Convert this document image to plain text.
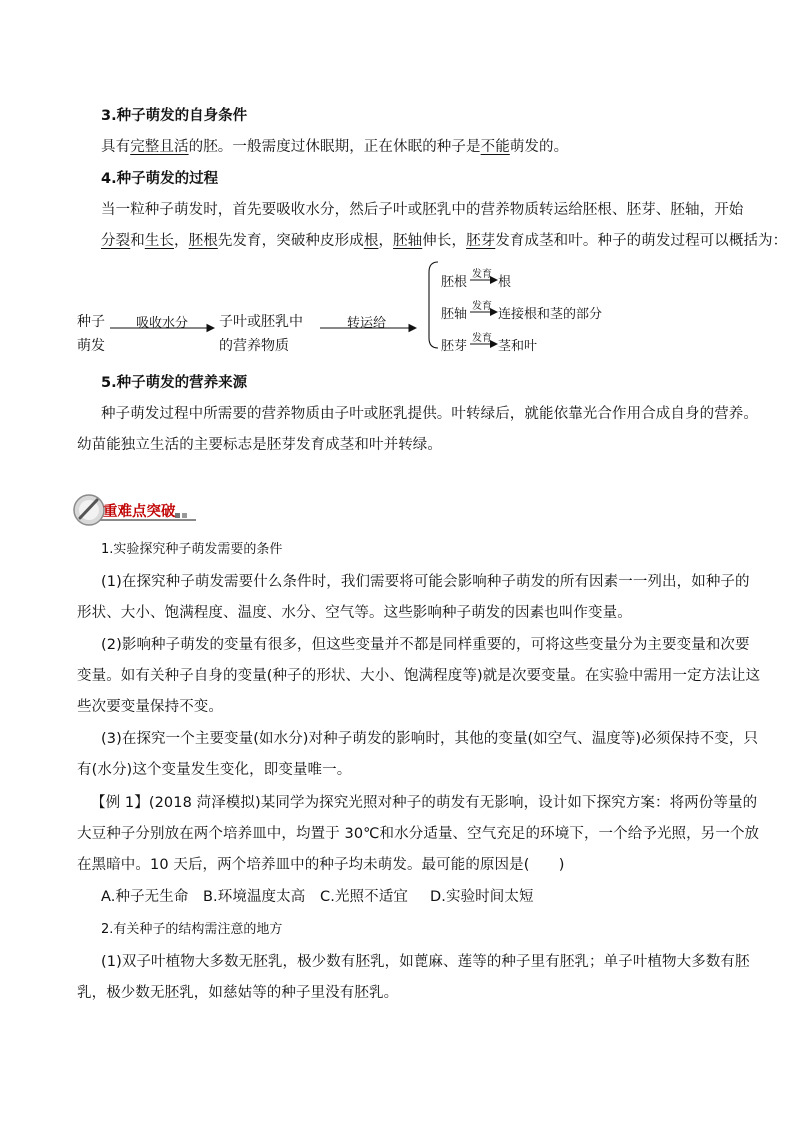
3.种子萌发的自身条件
具有完整且活的胚。一般需度过休眠期，正在休眠的种子是不能萌发的。
4.种子萌发的过程
当一粒种子萌发时，首先要吸收水分，然后子叶或胚乳中的营养物质转运给胚根、胚芽、胚轴，开始
分裂和生长，胚根先发育，突破种皮形成根，胚轴伸长，胚芽发育成茎和叶。种子的萌发过程可以概括为：
种子
萌发
吸收水分 子叶或胚乳中
的营养物质
转运给
胚根
发育
根
胚轴
发育
连接根和茎的部分
胚芽
发育
茎和叶
5.种子萌发的营养来源
种子萌发过程中所需要的营养物质由子叶或胚乳提供。叶转绿后，就能依靠光合作用合成自身的营养。
幼苗能独立生活的主要标志是胚芽发育成茎和叶并转绿。
重难点突破
1.实验探究种子萌发需要的条件
(1)在探究种子萌发需要什么条件时，我们需要将可能会影响种子萌发的所有因素一一列出，如种子的
形状、大小、饱满程度、温度、水分、空气等。这些影响种子萌发的因素也叫作变量。
(2)影响种子萌发的变量有很多，但这些变量并不都是同样重要的，可将这些变量分为主要变量和次要
变量。如有关种子自身的变量(种子的形状、大小、饱满程度等)就是次要变量。在实验中需用一定方法让这
些次要变量保持不变。
(3)在探究一个主要变量(如水分)对种子萌发的影响时，其他的变量(如空气、温度等)必须保持不变，只
有(水分)这个变量发生变化，即变量唯一。
【例 1】(2018 菏泽模拟)某同学为探究光照对种子的萌发有无影响，设计如下探究方案：将两份等量的
大豆种子分别放在两个培养皿中，均置于 30℃和水分适量、空气充足的环境下，一个给予光照，另一个放
在黑暗中。10 天后，两个培养皿中的种子均未萌发。最可能的原因是(　　)
A.种子无生命 B.环境温度太高 C.光照不适宜 D.实验时间太短
2.有关种子的结构需注意的地方
(1)双子叶植物大多数无胚乳，极少数有胚乳，如蓖麻、莲等的种子里有胚乳；单子叶植物大多数有胚
乳，极少数无胚乳，如慈姑等的种子里没有胚乳。
